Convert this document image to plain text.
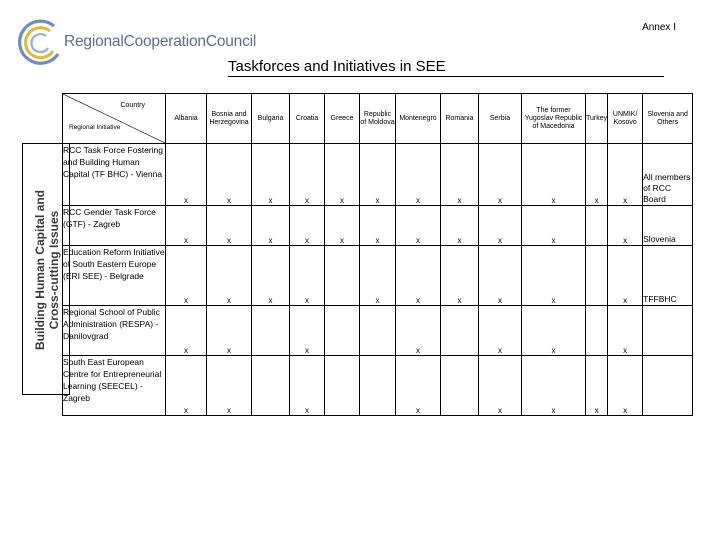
Annex I
RegionalCooperationCouncil
Taskforces and Initiatives in SEE
Building Human Capital and Cross-cutting Issues
Country
Regional Initiative	Albania	Bosnia and Herzegovina	Bulgaria	Croatia	Greece	Republic of Moldova	Montenegro	Romania	Serbia	The former Yugoslav Republic of Macedonia	Turkey	UNMIK/ Kosovo	Slovenia and Others
RCC Task Force Fostering and Building Human Capital (TF BHC) - Vienna	x	x	x	x	x	x	x	x	x	x	x	x	All members of RCC Board
RCC Gender Task Force (GTF) - Zagreb	x	x	x	x	x	x	x	x	x	x		x	Slovenia
Education Reform Initiative of South Eastern Europe (ERI SEE) - Belgrade	x	x	x	x		x	x	x	x	x		x	TFFBHC
Regional School of Public Administration (RESPA) - Danilovgrad	x	x		x			x		x	x		x	
South East European Centre for Entrepreneurial Learning (SEECEL) - Zagreb	x	x		x			x		x	x	x	x	
